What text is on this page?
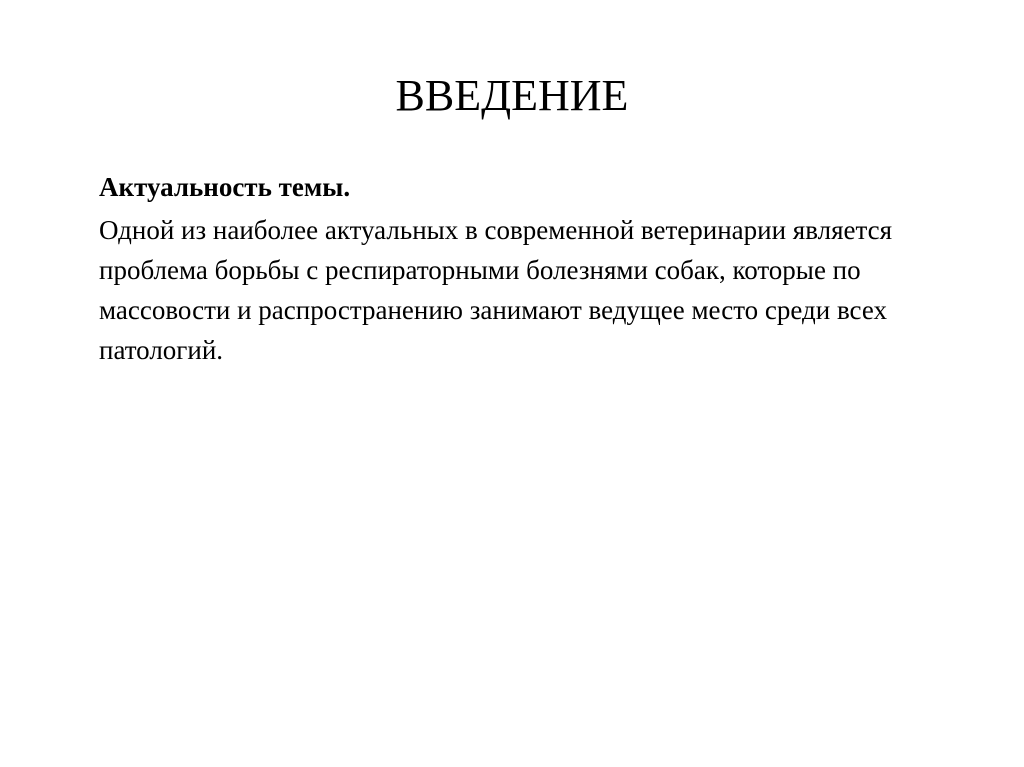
ВВЕДЕНИЕ

Актуальность темы.

Одной из наиболее актуальных в современной ветеринарии является проблема борьбы с респираторными болезнями собак, которые по массовости и распространению занимают ведущее место среди всех патологий.
